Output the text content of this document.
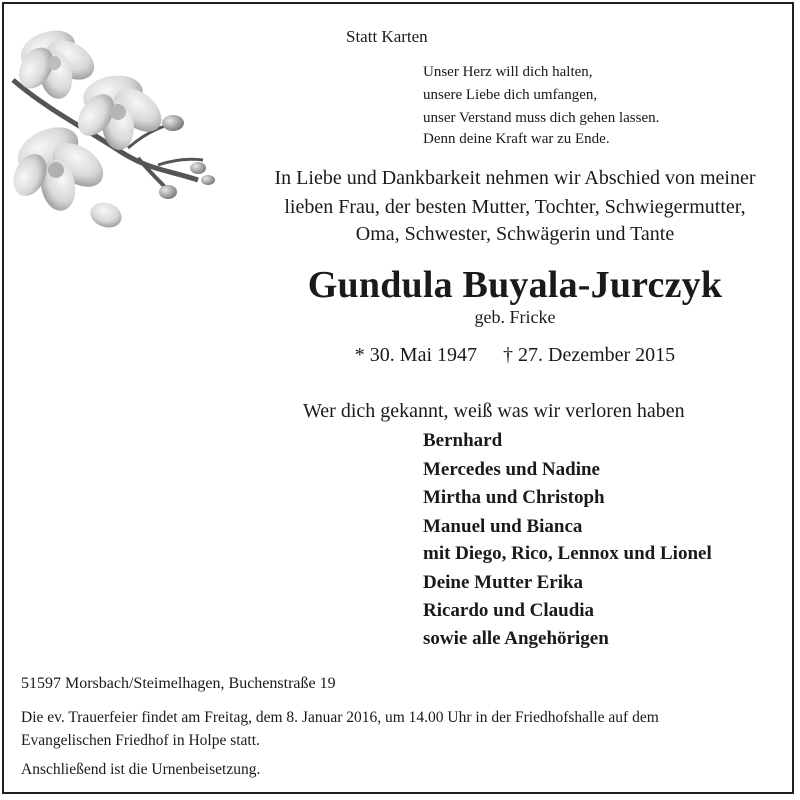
Statt Karten
Unser Herz will dich halten,
unsere Liebe dich umfangen,
unser Verstand muss dich gehen lassen.
Denn deine Kraft war zu Ende.
In Liebe und Dankbarkeit nehmen wir Abschied von meiner
lieben Frau, der besten Mutter, Tochter, Schwiegermutter,
Oma, Schwester, Schwägerin und Tante
Gundula Buyala-Jurczyk
geb. Fricke
* 30. Mai 1947 † 27. Dezember 2015
Wer dich gekannt, weiß was wir verloren haben
Bernhard
Mercedes und Nadine
Mirtha und Christoph
Manuel und Bianca
mit Diego, Rico, Lennox und Lionel
Deine Mutter Erika
Ricardo und Claudia
sowie alle Angehörigen
51597 Morsbach/Steimelhagen, Buchenstraße 19
Die ev. Trauerfeier findet am Freitag, dem 8. Januar 2016, um 14.00 Uhr in der Friedhofshalle auf dem
Evangelischen Friedhof in Holpe statt.
Anschließend ist die Urnenbeisetzung.
